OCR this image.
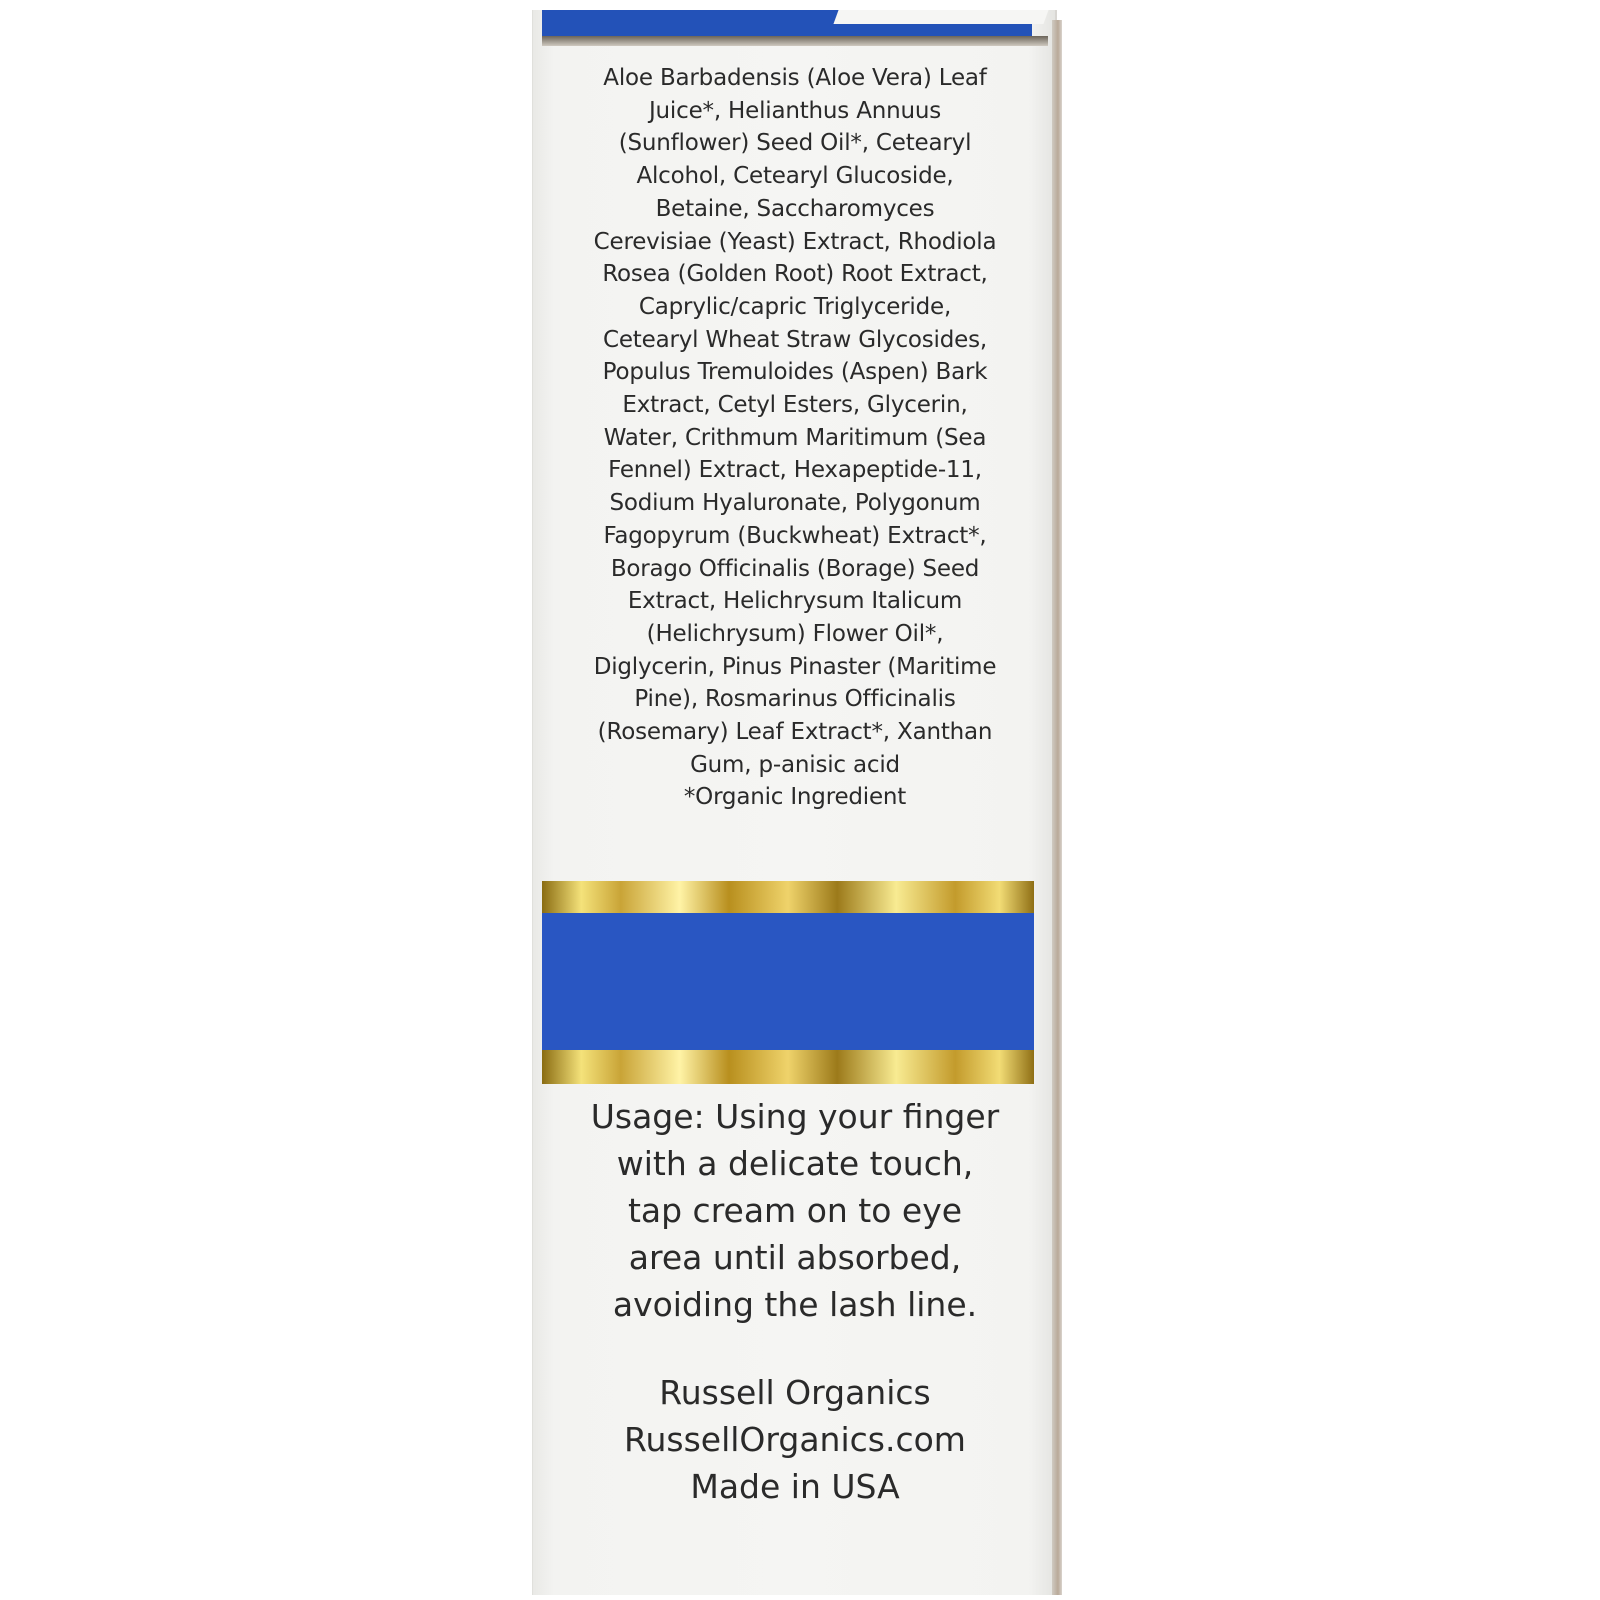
Aloe Barbadensis (Aloe Vera) Leaf
Juice*, Helianthus Annuus
(Sunflower) Seed Oil*, Cetearyl
Alcohol, Cetearyl Glucoside,
Betaine, Saccharomyces
Cerevisiae (Yeast) Extract, Rhodiola
Rosea (Golden Root) Root Extract,
Caprylic/capric Triglyceride,
Cetearyl Wheat Straw Glycosides,
Populus Tremuloides (Aspen) Bark
Extract, Cetyl Esters, Glycerin,
Water, Crithmum Maritimum (Sea
Fennel) Extract, Hexapeptide-11,
Sodium Hyaluronate, Polygonum
Fagopyrum (Buckwheat) Extract*,
Borago Officinalis (Borage) Seed
Extract, Helichrysum Italicum
(Helichrysum) Flower Oil*,
Diglycerin, Pinus Pinaster (Maritime
Pine), Rosmarinus Officinalis
(Rosemary) Leaf Extract*, Xanthan
Gum, p-anisic acid
*Organic Ingredient
Usage: Using your finger
with a delicate touch,
tap cream on to eye
area until absorbed,
avoiding the lash line.
Russell Organics
RussellOrganics.com
Made in USA
